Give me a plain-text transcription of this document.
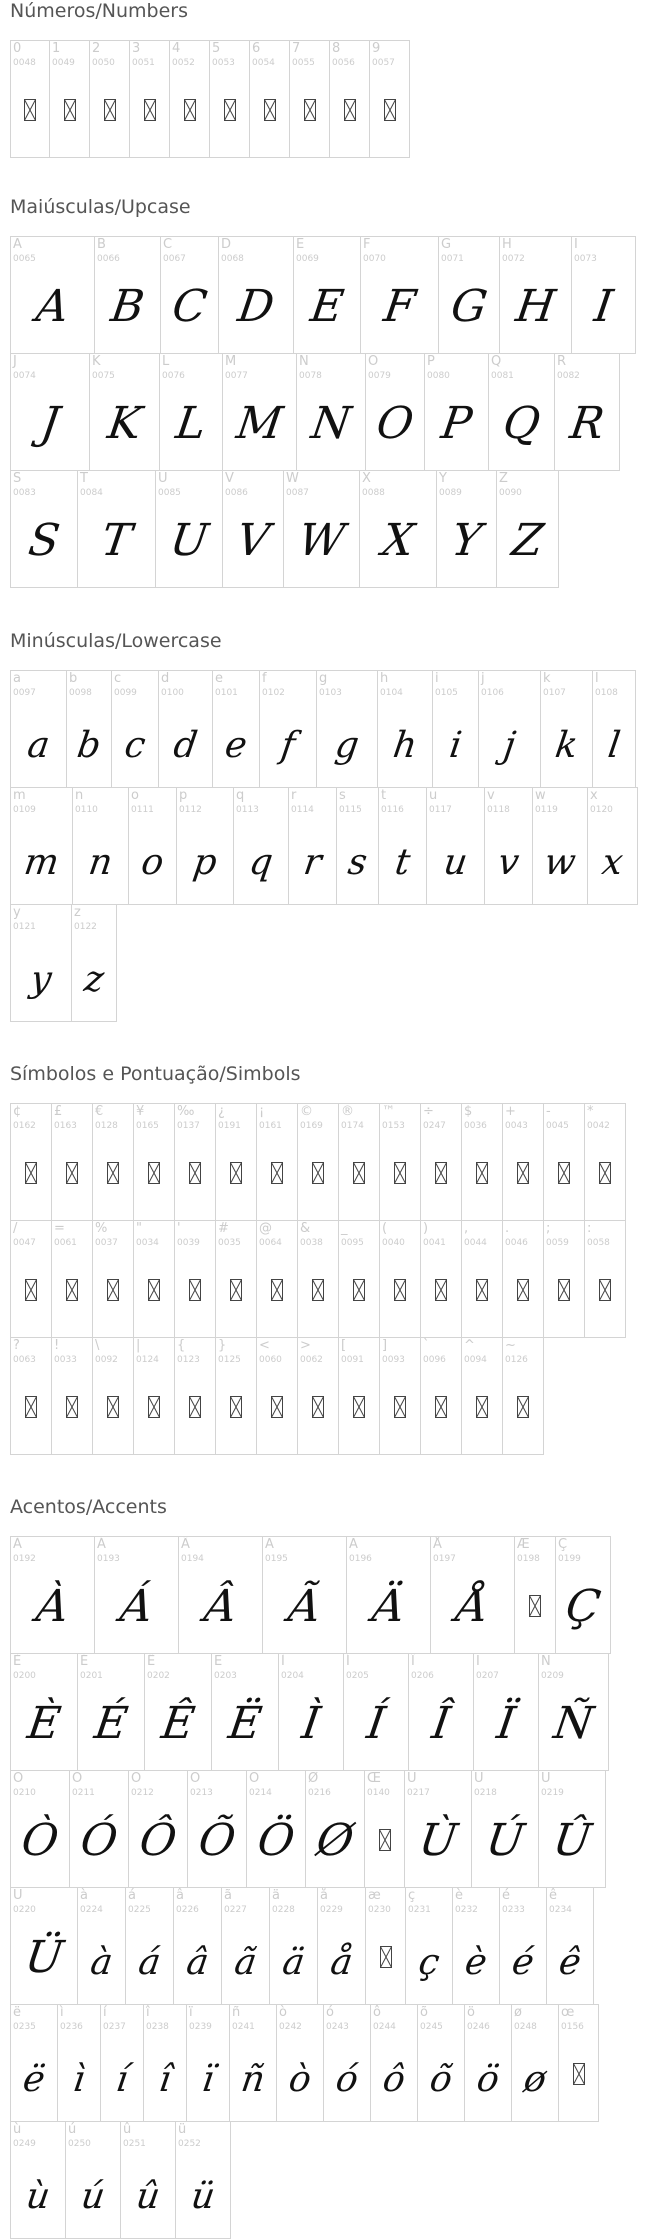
Números/Numbers
0
0048
1
0049
2
0050
3
0051
4
0052
5
0053
6
0054
7
0055
8
0056
9
0057
Maiúsculas/Upcase
A
0065
A
B
0066
B
C
0067
C
D
0068
D
E
0069
E
F
0070
F
G
0071
G
H
0072
H
I
0073
I
J
0074
J
K
0075
K
L
0076
L
M
0077
M
N
0078
N
O
0079
O
P
0080
P
Q
0081
Q
R
0082
R
S
0083
S
T
0084
T
U
0085
U
V
0086
V
W
0087
W
X
0088
X
Y
0089
Y
Z
0090
Z
Minúsculas/Lowercase
a
0097
a
b
0098
b
c
0099
c
d
0100
d
e
0101
e
f
0102
f
g
0103
g
h
0104
h
i
0105
i
j
0106
j
k
0107
k
l
0108
l
m
0109
m
n
0110
n
o
0111
o
p
0112
p
q
0113
q
r
0114
r
s
0115
s
t
0116
t
u
0117
u
v
0118
v
w
0119
w
x
0120
x
y
0121
y
z
0122
z
Símbolos e Pontuação/Simbols
¢
0162
£
0163
€
0128
¥
0165
‰
0137
¿
0191
¡
0161
©
0169
®
0174
™
0153
÷
0247
$
0036
+
0043
-
0045
*
0042
/
0047
=
0061
%
0037
"
0034
'
0039
#
0035
@
0064
&
0038
_
0095
(
0040
)
0041
,
0044
.
0046
;
0059
:
0058
?
0063
!
0033
\
0092
|
0124
{
0123
}
0125
<
0060
>
0062
[
0091
]
0093
`
0096
^
0094
~
0126
Acentos/Accents
À
0192
À
Á
0193
Á
Â
0194
Â
Ã
0195
Ã
Ä
0196
Ä
Å
0197
Å
Æ
0198
Ç
0199
Ç
È
0200
È
É
0201
É
Ê
0202
Ê
Ë
0203
Ë
Ì
0204
Ì
Í
0205
Í
Î
0206
Î
Ï
0207
Ï
Ñ
0209
Ñ
Ò
0210
Ò
Ó
0211
Ó
Ô
0212
Ô
Õ
0213
Õ
Ö
0214
Ö
Ø
0216
Ø
Œ
0140
Ù
0217
Ù
Ú
0218
Ú
Û
0219
Û
Ü
0220
Ü
à
0224
à
á
0225
á
â
0226
â
ã
0227
ã
ä
0228
ä
å
0229
å
æ
0230
ç
0231
ç
è
0232
è
é
0233
é
ê
0234
ê
ë
0235
ë
ì
0236
ì
í
0237
í
î
0238
î
ï
0239
ï
ñ
0241
ñ
ò
0242
ò
ó
0243
ó
ô
0244
ô
õ
0245
õ
ö
0246
ö
ø
0248
ø
œ
0156
ù
0249
ù
ú
0250
ú
û
0251
û
ü
0252
ü
